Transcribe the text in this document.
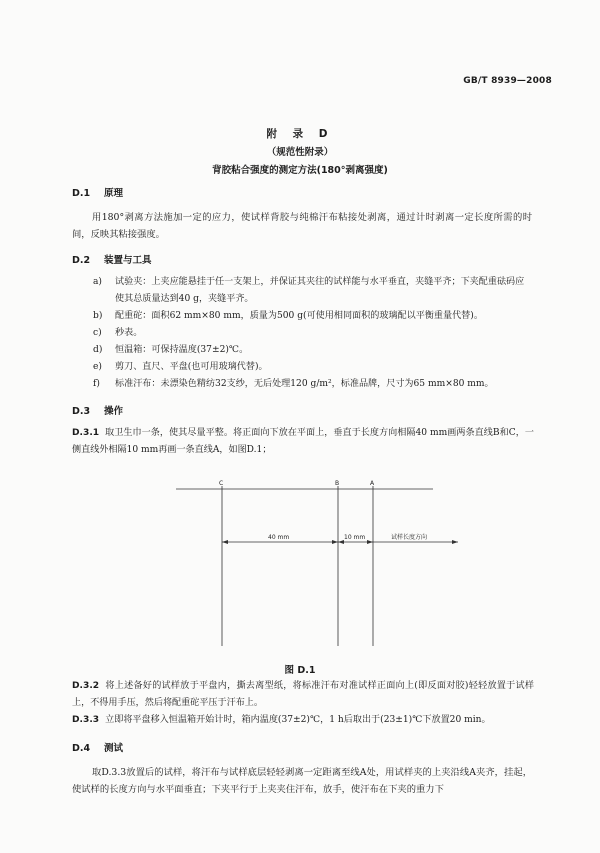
GB/T 8939—2008
附 录 D
（规范性附录）
背胶粘合强度的测定方法(180°剥离强度)
D.1 原理
用180°剥离方法施加一定的应力，使试样背胶与纯棉汗布粘接处剥离，通过计时剥离一定长度所需的时间，反映其粘接强度。
D.2 装置与工具
a) 试验夹：上夹应能悬挂于任一支架上，并保证其夹往的试样能与水平垂直，夹缝平齐；下夹配重砝码应使其总质量达到40 g，夹缝平齐。
b) 配重砣：面积62 mm×80 mm，质量为500 g(可使用相同面积的玻璃配以平衡重量代替)。
c) 秒表。
d) 恒温箱：可保持温度(37±2)℃。
e) 剪刀、直尺、平盘(也可用玻璃代替)。
f) 标准汗布：未漂染色精纺32支纱，无后处理120 g/m²，标准品牌，尺寸为65 mm×80 mm。
D.3 操作
D.3.1 取卫生巾一条，使其尽量平整。将正面向下放在平面上，垂直于长度方向相隔40 mm画两条直线B和C，一侧直线外相隔10 mm再画一条直线A，如图D.1；
C	B	A
40 mm	10 mm	试样长度方向
图 D.1
D.3.2 将上述备好的试样放于平盘内，撕去离型纸，将标准汗布对准试样正面向上(即反面对胶)轻轻放置于试样上，不得用手压，然后将配重砣平压于汗布上。
D.3.3 立即将平盘移入恒温箱开始计时，箱内温度(37±2)℃，1 h后取出于(23±1)℃下放置20 min。
D.4 测试
取D.3.3放置后的试样，将汗布与试样底层轻轻剥离一定距离至线A处，用试样夹的上夹沿线A夹齐，挂起，使试样的长度方向与水平面垂直；下夹平行于上夹夹住汗布，放手，使汗布在下夹的重力下
